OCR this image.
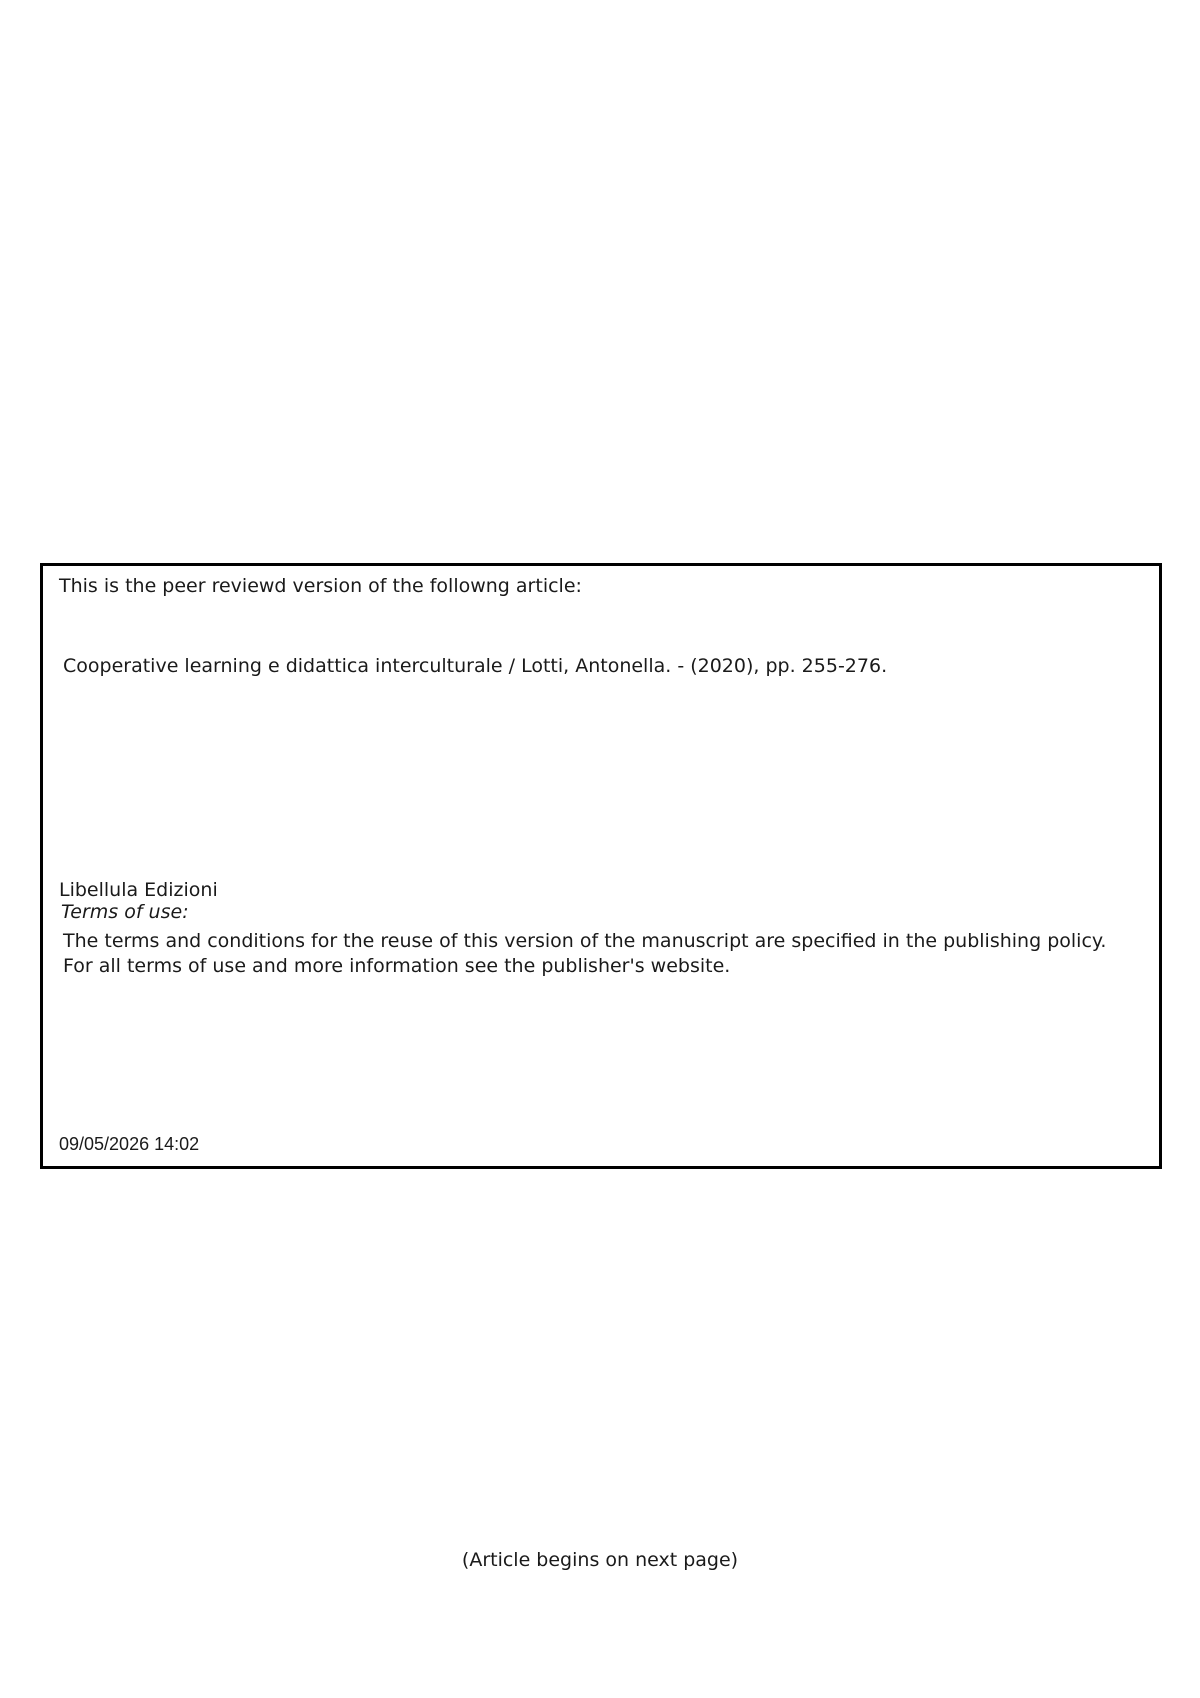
This is the peer reviewd version of the followng article:
Cooperative learning e didattica interculturale / Lotti, Antonella. - (2020), pp. 255-276.
Libellula Edizioni
Terms of use:
The terms and conditions for the reuse of this version of the manuscript are specified in the publishing policy. For all terms of use and more information see the publisher's website.
09/05/2026 14:02
(Article begins on next page)
